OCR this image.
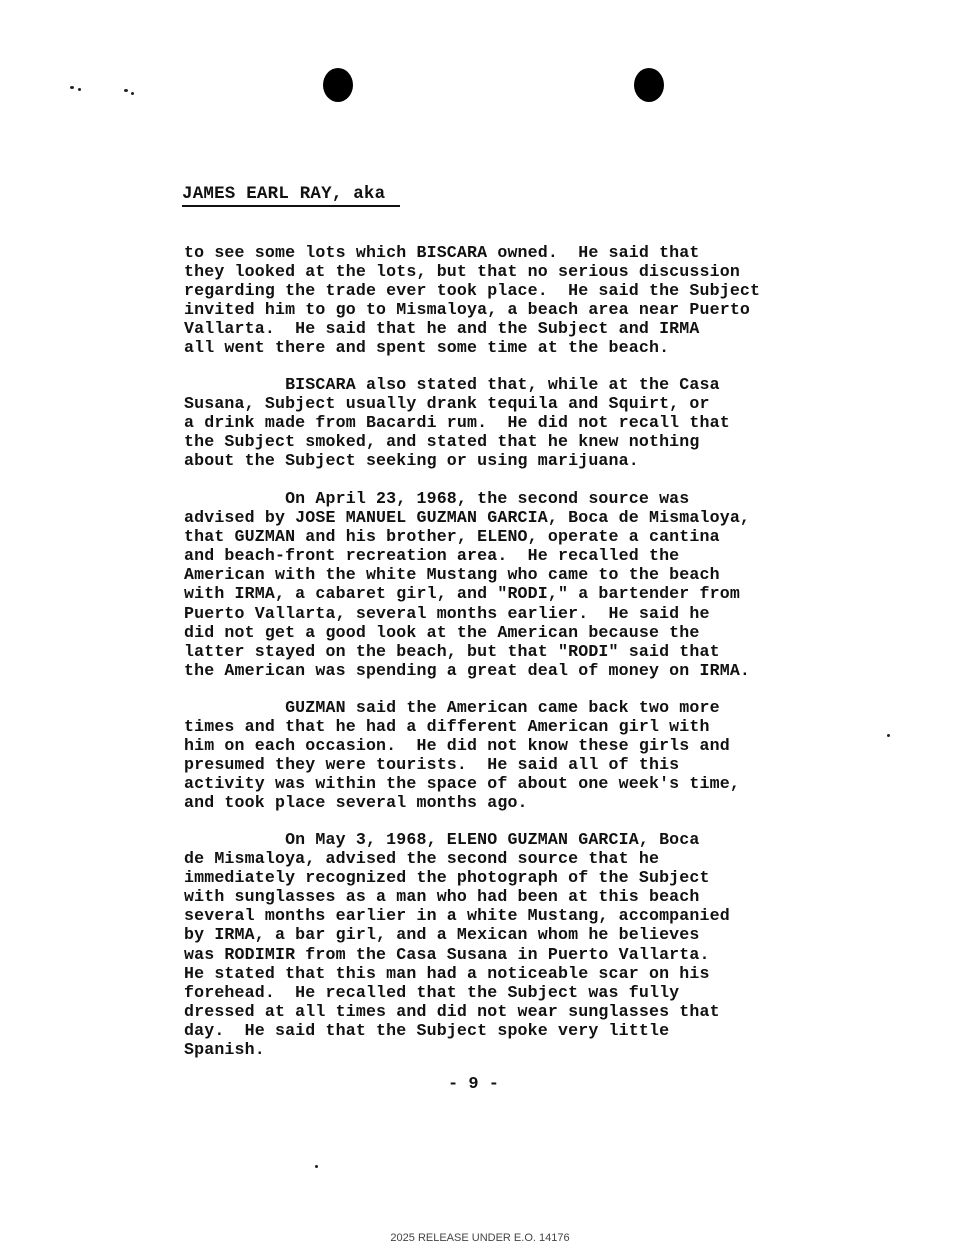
JAMES EARL RAY, aka

to see some lots which BISCARA owned.  He said that
they looked at the lots, but that no serious discussion
regarding the trade ever took place.  He said the Subject
invited him to go to Mismaloya, a beach area near Puerto
Vallarta.  He said that he and the Subject and IRMA
all went there and spent some time at the beach.

BISCARA also stated that, while at the Casa
Susana, Subject usually drank tequila and Squirt, or
a drink made from Bacardi rum.  He did not recall that
the Subject smoked, and stated that he knew nothing
about the Subject seeking or using marijuana.

On April 23, 1968, the second source was
advised by JOSE MANUEL GUZMAN GARCIA, Boca de Mismaloya,
that GUZMAN and his brother, ELENO, operate a cantina
and beach-front recreation area.  He recalled the
American with the white Mustang who came to the beach
with IRMA, a cabaret girl, and "RODI," a bartender from
Puerto Vallarta, several months earlier.  He said he
did not get a good look at the American because the
latter stayed on the beach, but that "RODI" said that
the American was spending a great deal of money on IRMA.

GUZMAN said the American came back two more
times and that he had a different American girl with
him on each occasion.  He did not know these girls and
presumed they were tourists.  He said all of this
activity was within the space of about one week's time,
and took place several months ago.

On May 3, 1968, ELENO GUZMAN GARCIA, Boca
de Mismaloya, advised the second source that he
immediately recognized the photograph of the Subject
with sunglasses as a man who had been at this beach
several months earlier in a white Mustang, accompanied
by IRMA, a bar girl, and a Mexican whom he believes
was RODIMIR from the Casa Susana in Puerto Vallarta.
He stated that this man had a noticeable scar on his
forehead.  He recalled that the Subject was fully
dressed at all times and did not wear sunglasses that
day.  He said that the Subject spoke very little
Spanish.

- 9 -
2025 RELEASE UNDER E.O. 14176
